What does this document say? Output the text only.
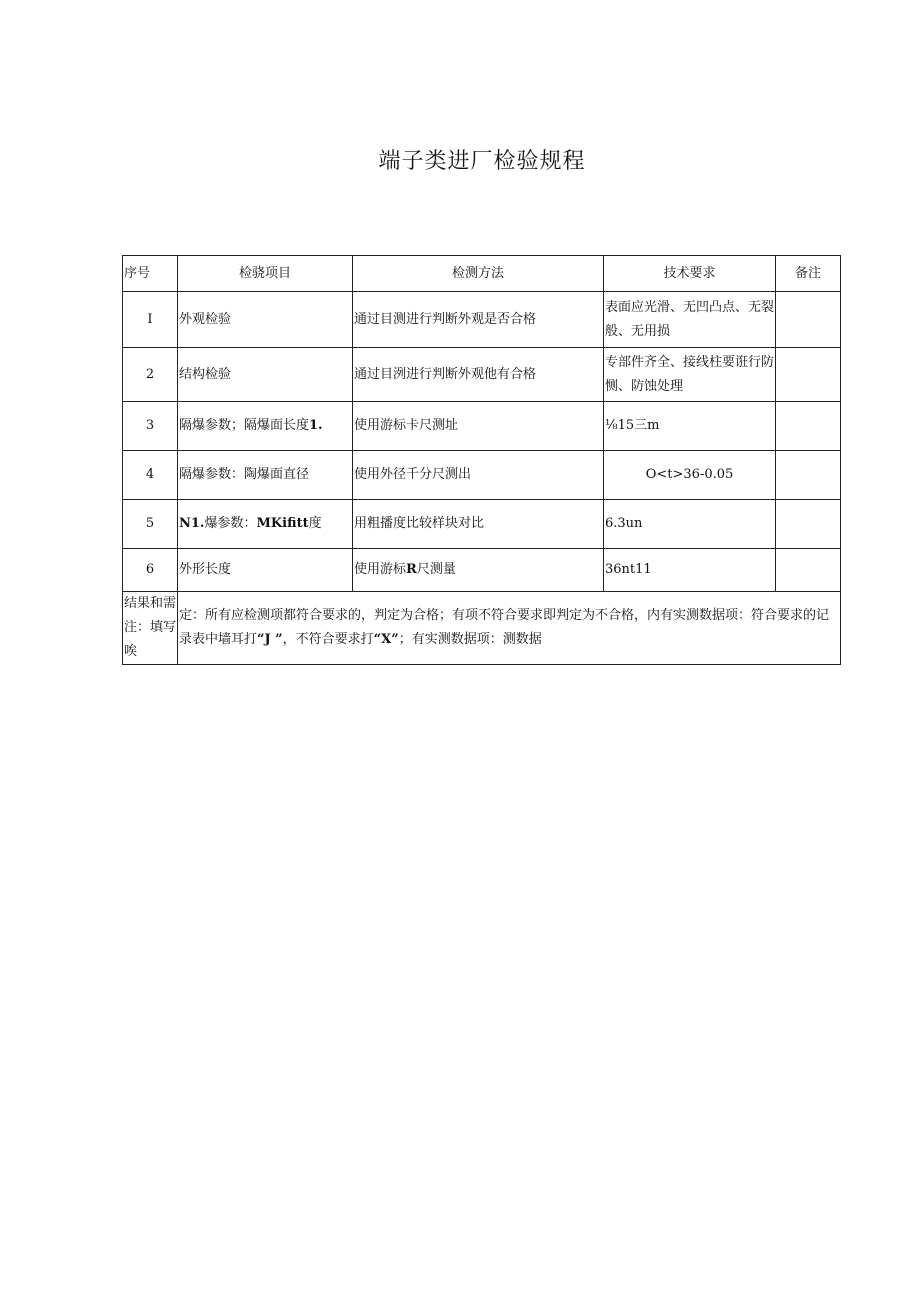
端子类进厂检验规程
序号	检骁项目	检测方法	技术要求	备注
I	外观检验	通过目测进行判断外观是否合格	表面应光滑、无凹凸点、无裂般、无用损	
2	结构检验	通过目洌进行判断外观他有合格	专部件齐全、接线柱要诳行防恻、防蚀处理	
3	隔爆参数；隔爆面长度1.	使用游标卡尺测址	⅛15三m	
4	隔爆参数：陶爆面直径	使用外径千分尺测出	O<t>36-0.05	
5	N1.爆参数：MKifitt度	用粗播度比较样块对比	6.3un	
6	外形长度	使用游标R尺测量	36nt11	
结果和需注：填写唉	定：所有应检测项都符合要求的，判定为合格；有项不符合要求即判定为不合格，内有实测数据项：符合要求的记录表中墙耳打“J ”，不符合要求打“X”；有实测数据项：测数据			
